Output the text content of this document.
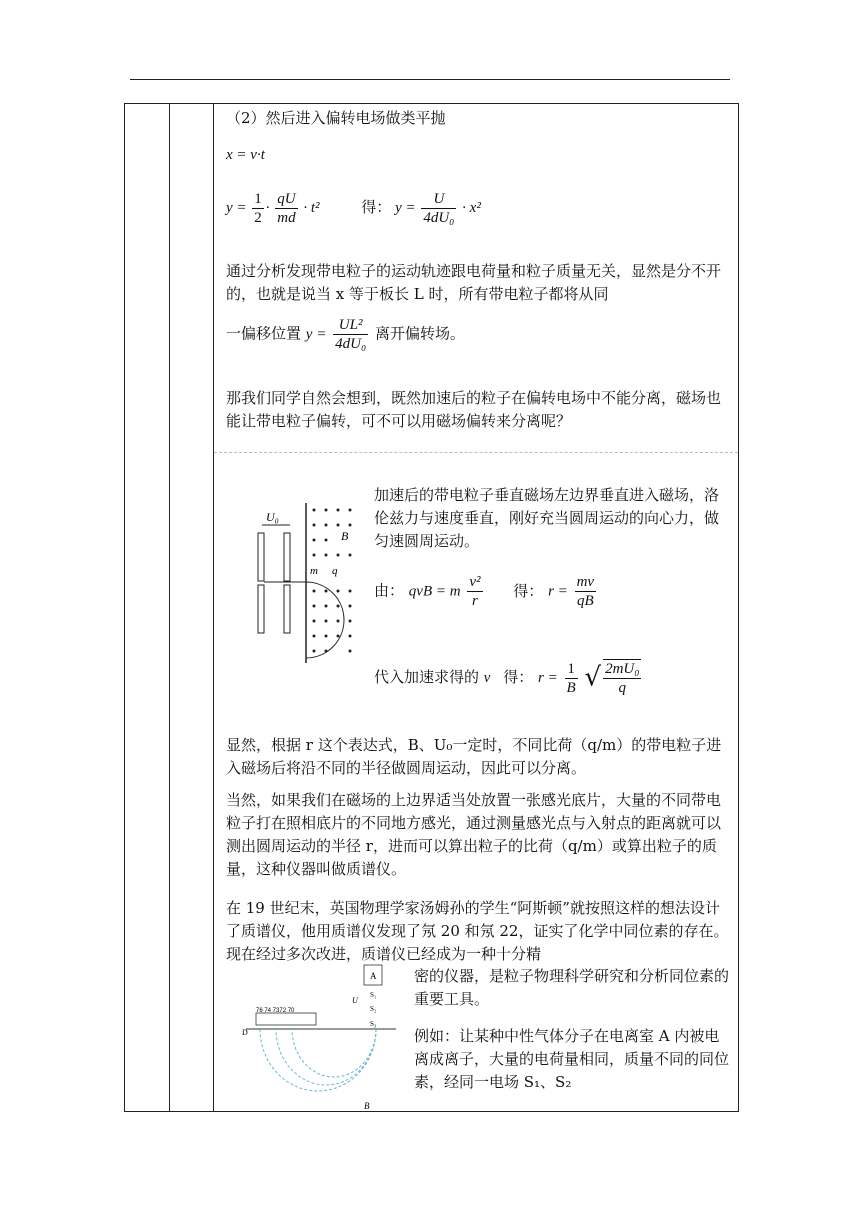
（2）然后进入偏转电场做类平抛

x = v·t
$y = \frac{1}{2} \cdot \frac{qU}{md} \cdot t^2$	得： $y = \frac{U}{\text{4dU₀}} \cdot x^2$

通过分析发现带电粒子的运动轨迹跟电荷量和粒子质量无关，显然是分不开的，也就是说当 x 等于板长 L 时，所有带电粒子都将从同

一偏移位置 $y = \frac{\text{UL²}}{\text{4dU₀}}$ 离开偏转场。

那我们同学自然会想到，既然加速后的粒子在偏转电场中不能分离，磁场也能让带电粒子偏转，可不可以用磁场偏转来分离呢？

U₀
m q
B

加速后的带电粒子垂直磁场左边界垂直进入磁场，洛伦兹力与速度垂直，刚好充当圆周运动的向心力，做匀速圆周运动。

由： qvB = m $\frac{\text{v²}}{r}$ 得： $r = \frac{mv}{qB}$
代入加速求得的 v 得： $r = \frac{1}{B}$ √ $\frac{\text{2mU₀}}{q}$

显然，根据 r 这个表达式，B、U₀一定时，不同比荷（q/m）的带电粒子进入磁场后将沿不同的半径做圆周运动，因此可以分离。

当然，如果我们在磁场的上边界适当处放置一张感光底片，大量的不同带电粒子打在照相底片的不同地方感光，通过测量感光点与入射点的距离就可以测出圆周运动的半径 r，进而可以算出粒子的比荷（q/m）或算出粒子的质量，这种仪器叫做质谱仪。

在 19 世纪末，英国物理学家汤姆孙的学生“阿斯顿”就按照这样的想法设计了质谱仪，他用质谱仪发现了氖 20 和氖 22，证实了化学中同位素的存在。现在经过多次改进，质谱仪已经成为一种十分精

76 74 7372 70
D
A
S₁
S₂
S₃
U
B

密的仪器，是粒子物理科学研究和分析同位素的重要工具。

例如：让某种中性气体分子在电离室 A 内被电离成离子，大量的电荷量相同，质量不同的同位素，经同一电场 S₁、S₂
